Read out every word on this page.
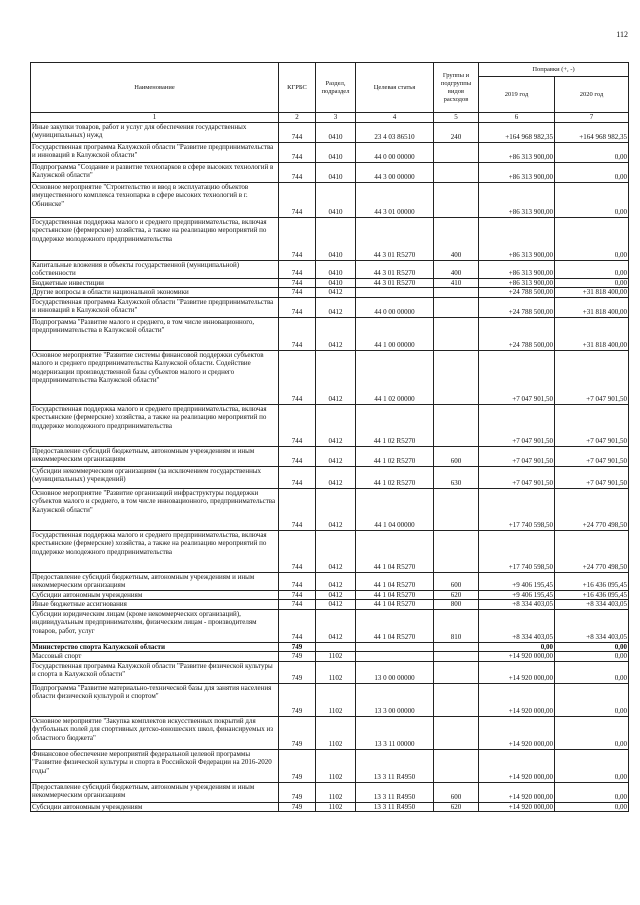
112
Наименование	КГРБС	Раздел, подраздел	Целевая статья	Группы и подгруппы видов расходов	Поправки (+, -)	
					2019 год	2020 год
1	2	3	4	5	6	7
Иные закупки товаров, работ и услуг для обеспечения государственных (муниципальных) нужд	744	0410	23 4 03 86510	240	+164 968 982,35	+164 968 982,35
Государственная программа Калужской области "Развитие предпринимательства и инноваций в Калужской области"	744	0410	44 0 00 00000		+86 313 900,00	0,00
Подпрограмма "Создание и развитие технопарков в сфере высоких технологий в Калужской области"	744	0410	44 3 00 00000		+86 313 900,00	0,00
Основное мероприятие "Строительство и ввод в эксплуатацию объектов имущественного комплекса технопарка в сфере высоких технологий в г. Обнинске"	744	0410	44 3 01 00000		+86 313 900,00	0,00
Государственная поддержка малого и среднего предпринимательства, включая крестьянские (фермерские) хозяйства, а также на реализацию мероприятий по поддержке молодежного предпринимательства	744	0410	44 3 01 R5270	400	+86 313 900,00	0,00
Капитальные вложения в объекты государственной (муниципальной) собственности	744	0410	44 3 01 R5270	400	+86 313 900,00	0,00
Бюджетные инвестиции	744	0410	44 3 01 R5270	410	+86 313 900,00	0,00
Другие вопросы в области национальной экономики	744	0412			+24 788 500,00	+31 818 400,00
Государственная программа Калужской области "Развитие предпринимательства и инноваций в Калужской области"	744	0412	44 0 00 00000		+24 788 500,00	+31 818 400,00
Подпрограмма "Развитие малого и среднего, в том числе инновационного, предпринимательства в Калужской области"	744	0412	44 1 00 00000		+24 788 500,00	+31 818 400,00
Основное мероприятие "Развитие системы финансовой поддержки субъектов малого и среднего предпринимательства Калужской области. Содействие модернизации производственной базы субъектов малого и среднего предпринимательства Калужской области"	744	0412	44 1 02 00000		+7 047 901,50	+7 047 901,50
Государственная поддержка малого и среднего предпринимательства, включая крестьянские (фермерские) хозяйства, а также на реализацию мероприятий по поддержке молодежного предпринимательства	744	0412	44 1 02 R5270		+7 047 901,50	+7 047 901,50
Предоставление субсидий бюджетным, автономным учреждениям и иным некоммерческим организациям	744	0412	44 1 02 R5270	600	+7 047 901,50	+7 047 901,50
Субсидии некоммерческим организациям (за исключением государственных (муниципальных) учреждений)	744	0412	44 1 02 R5270	630	+7 047 901,50	+7 047 901,50
Основное мероприятие "Развитие организаций инфраструктуры поддержки субъектов малого и среднего, в том числе инновационного, предпринимательства Калужской области"	744	0412	44 1 04 00000		+17 740 598,50	+24 770 498,50
Государственная поддержка малого и среднего предпринимательства, включая крестьянские (фермерские) хозяйства, а также на реализацию мероприятий по поддержке молодежного предпринимательства	744	0412	44 1 04 R5270		+17 740 598,50	+24 770 498,50
Предоставление субсидий бюджетным, автономным учреждениям и иным некоммерческим организациям	744	0412	44 1 04 R5270	600	+9 406 195,45	+16 436 095,45
Субсидии автономным учреждениям	744	0412	44 1 04 R5270	620	+9 406 195,45	+16 436 095,45
Иные бюджетные ассигнования	744	0412	44 1 04 R5270	800	+8 334 403,05	+8 334 403,05
Субсидии юридическим лицам (кроме некоммерческих организаций), индивидуальным предпринимателям, физическим лицам - производителям товаров, работ, услуг	744	0412	44 1 04 R5270	810	+8 334 403,05	+8 334 403,05
Министерство спорта Калужской области	749				0,00	0,00
Массовый спорт	749	1102			+14 920 000,00	0,00
Государственная программа Калужской области "Развитие физической культуры и спорта в Калужской области"	749	1102	13 0 00 00000		+14 920 000,00	0,00
Подпрограмма "Развитие материально-технической базы для занятия населения области физической культурой и спортом"	749	1102	13 3 00 00000		+14 920 000,00	0,00
Основное мероприятие "Закупка комплектов искусственных покрытий для футбольных полей для спортивных детско-юношеских школ, финансируемых из областного бюджета"	749	1102	13 3 11 00000		+14 920 000,00	0,00
Финансовое обеспечение мероприятий федеральной целевой программы "Развитие физической культуры и спорта в Российской Федерации на 2016-2020 годы"	749	1102	13 3 11 R4950		+14 920 000,00	0,00
Предоставление субсидий бюджетным, автономным учреждениям и иным некоммерческим организациям	749	1102	13 3 11 R4950	600	+14 920 000,00	0,00
Субсидии автономным учреждениям	749	1102	13 3 11 R4950	620	+14 920 000,00	0,00
